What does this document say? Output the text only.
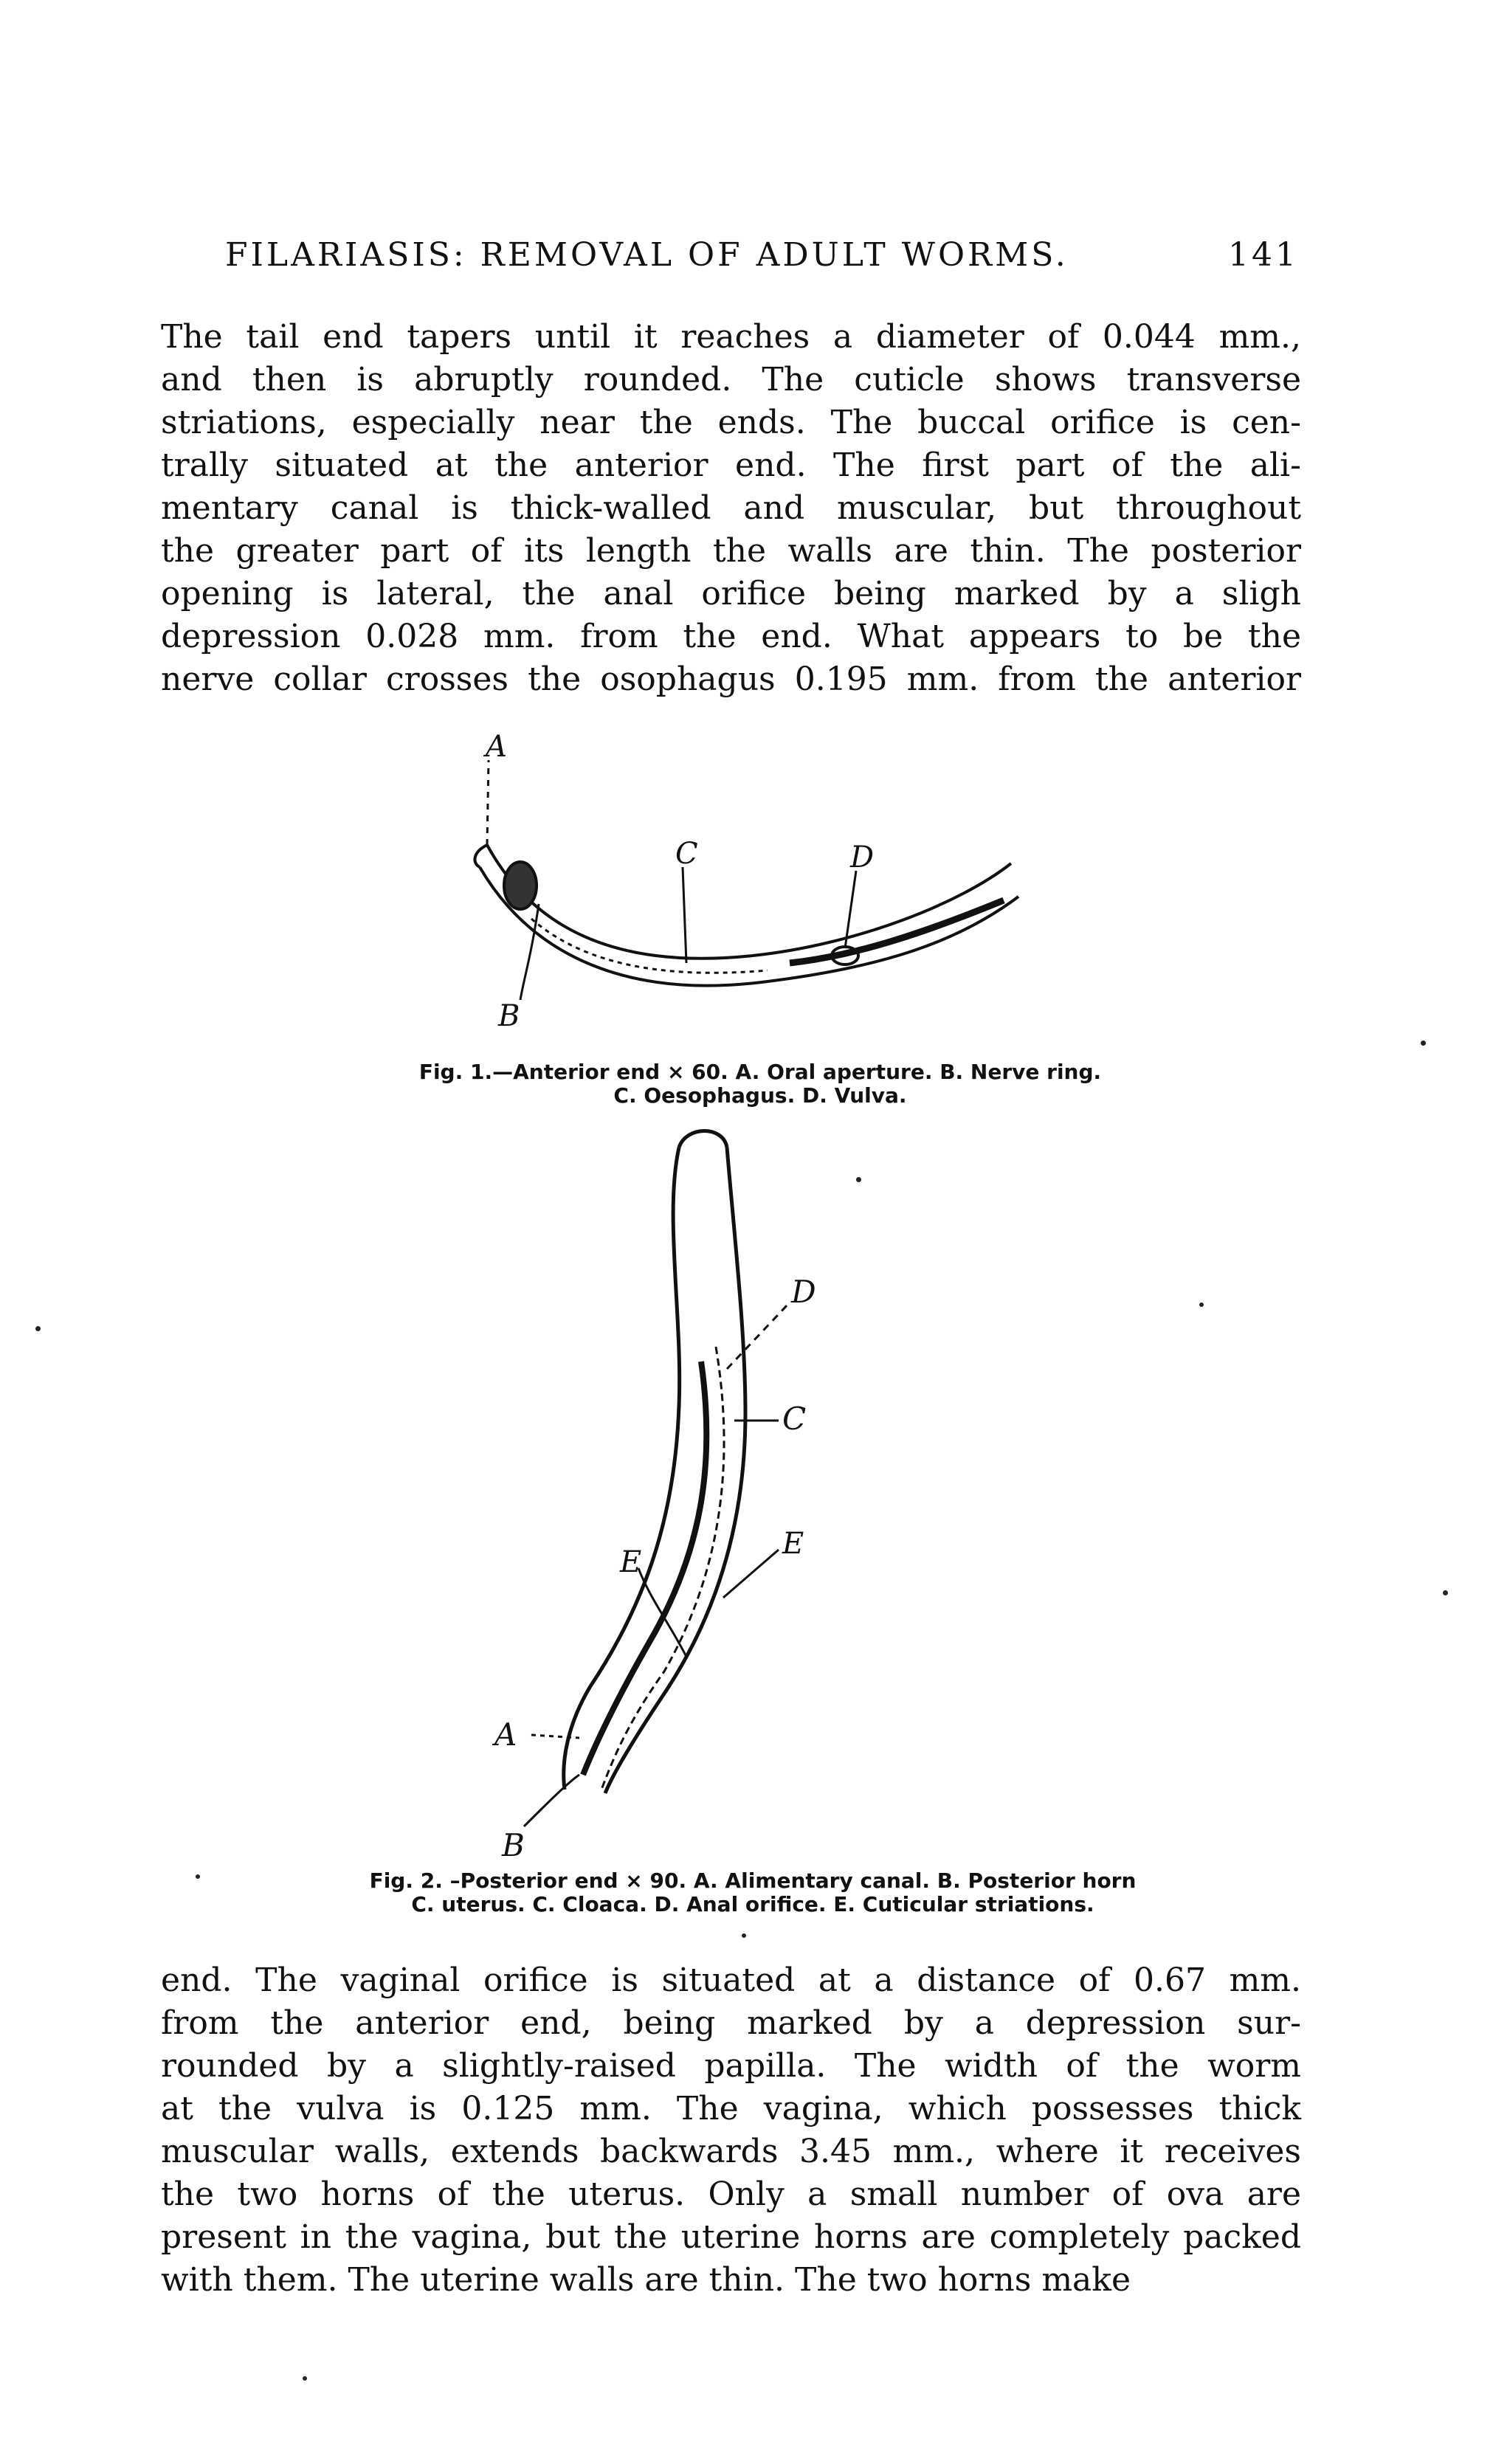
FILARIASIS: REMOVAL OF ADULT WORMS.	141

The tail end tapers until it reaches a diameter of 0.044 mm.,
and then is abruptly rounded. The cuticle shows transverse
striations, especially near the ends. The buccal orifice is cen-
trally situated at the anterior end. The first part of the ali-
mentary canal is thick-walled and muscular, but throughout
the greater part of its length the walls are thin. The posterior
opening is lateral, the anal orifice being marked by a sligh
depression 0.028 mm. from the end. What appears to be the
nerve collar crosses the osophagus 0.195 mm. from the anterior

A
B
C	D
Fig. 1.—Anterior end × 60. A. Oral aperture. B. Nerve ring.
C. Oesophagus. D. Vulva.
D
C
E
E
A
B
Fig. 2. –Posterior end × 90. A. Alimentary canal. B. Posterior horn
C. uterus. C. Cloaca. D. Anal orifice. E. Cuticular striations.

end. The vaginal orifice is situated at a distance of 0.67 mm.
from the anterior end, being marked by a depression sur-
rounded by a slightly-raised papilla. The width of the worm
at the vulva is 0.125 mm. The vagina, which possesses thick
muscular walls, extends backwards 3.45 mm., where it receives
the two horns of the uterus. Only a small number of ova are
present in the vagina, but the uterine horns are completely packed
with them. The uterine walls are thin. The two horns make
